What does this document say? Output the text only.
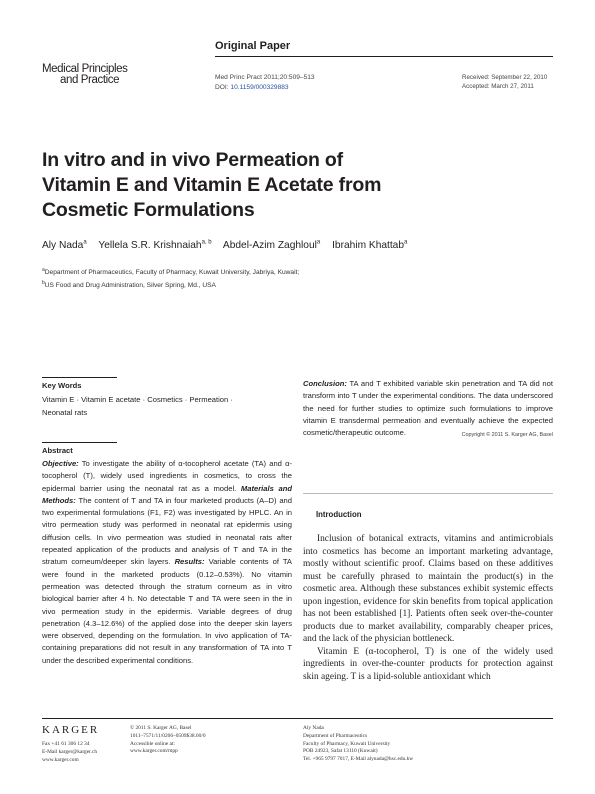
Medical Principles
and Practice
Original Paper
Med Princ Pract 2011;20:509–513
DOI: 10.1159/000329883
Received: September 22, 2010
Accepted: March 27, 2011
In vitro and in vivo Permeation of
Vitamin E and Vitamin E Acetate from
Cosmetic Formulations
Aly Nada$^a$ Yellela S.R. Krishnaiah$^{a, b}$ Abdel-Azim Zaghloul$^a$ Ibrahim Khattab$^a$
$^a$Department of Pharmaceutics, Faculty of Pharmacy, Kuwait University, Jabriya, Kuwait;
$^b$US Food and Drug Administration, Silver Spring, Md., USA
Key Words
Vitamin E · Vitamin E acetate · Cosmetics · Permeation ·
Neonatal rats
Abstract
Objective: To investigate the ability of α-tocopherol acetate (TA) and α-tocopherol (T), widely used ingredients in cosmetics, to cross the epidermal barrier using the neonatal rat as a model. Materials and Methods: The content of T and TA in four marketed products (A–D) and two experimental formulations (F1, F2) was investigated by HPLC. An in vitro permeation study was performed in neonatal rat epidermis using diffusion cells. In vivo permeation was studied in neonatal rats after repeated application of the products and analysis of T and TA in the stratum corneum/deeper skin layers. Results: Variable contents of TA were found in the marketed products (0.12–0.53%). No vitamin permeation was detected through the stratum corneum as in vitro biological barrier after 4 h. No detectable T and TA were seen in the in vivo permeation study in the epidermis. Variable degrees of drug penetration (4.3–12.6%) of the applied dose into the deeper skin layers were observed, depending on the formulation. In vivo application of TA-containing preparations did not result in any transformation of TA into T under the described experimental conditions.
Conclusion: TA and T exhibited variable skin penetration and TA did not transform into T under the experimental conditions. The data underscored the need for further studies to optimize such formulations to improve vitamin E transdermal permeation and eventually achieve the expected cosmetic/therapeutic outcome.	Copyright © 2011 S. Karger AG, Basel
Introduction

Inclusion of botanical extracts, vitamins and antimicrobials into cosmetics has become an important marketing advantage, mostly without scientific proof. Claims based on these additives must be carefully phrased to maintain the product(s) in the cosmetic area. Although these substances exhibit systemic effects upon ingestion, evidence for skin benefits from topical application has not been established [1]. Patients often seek over-the-counter products due to market availability, comparably cheaper prices, and the lack of the physician bottleneck.

Vitamin E (α-tocopherol, T) is one of the widely used ingredients in over-the-counter products for protection against skin ageing. T is a lipid-soluble antioxidant which

KARGER
Fax +41 61 306 12 34
E-Mail karger@karger.ch
www.karger.com
© 2011 S. Karger AG, Basel
1011–7571/11/0206–0509$38.00/0
Accessible online at:
www.karger.com/mpp
Aly Nada
Department of Pharmaceutics
Faculty of Pharmacy, Kuwait University
POB 24923, Safat 13110 (Kuwait)
Tel. +965 9797 7017, E-Mail alynada@hsc.edu.kw
